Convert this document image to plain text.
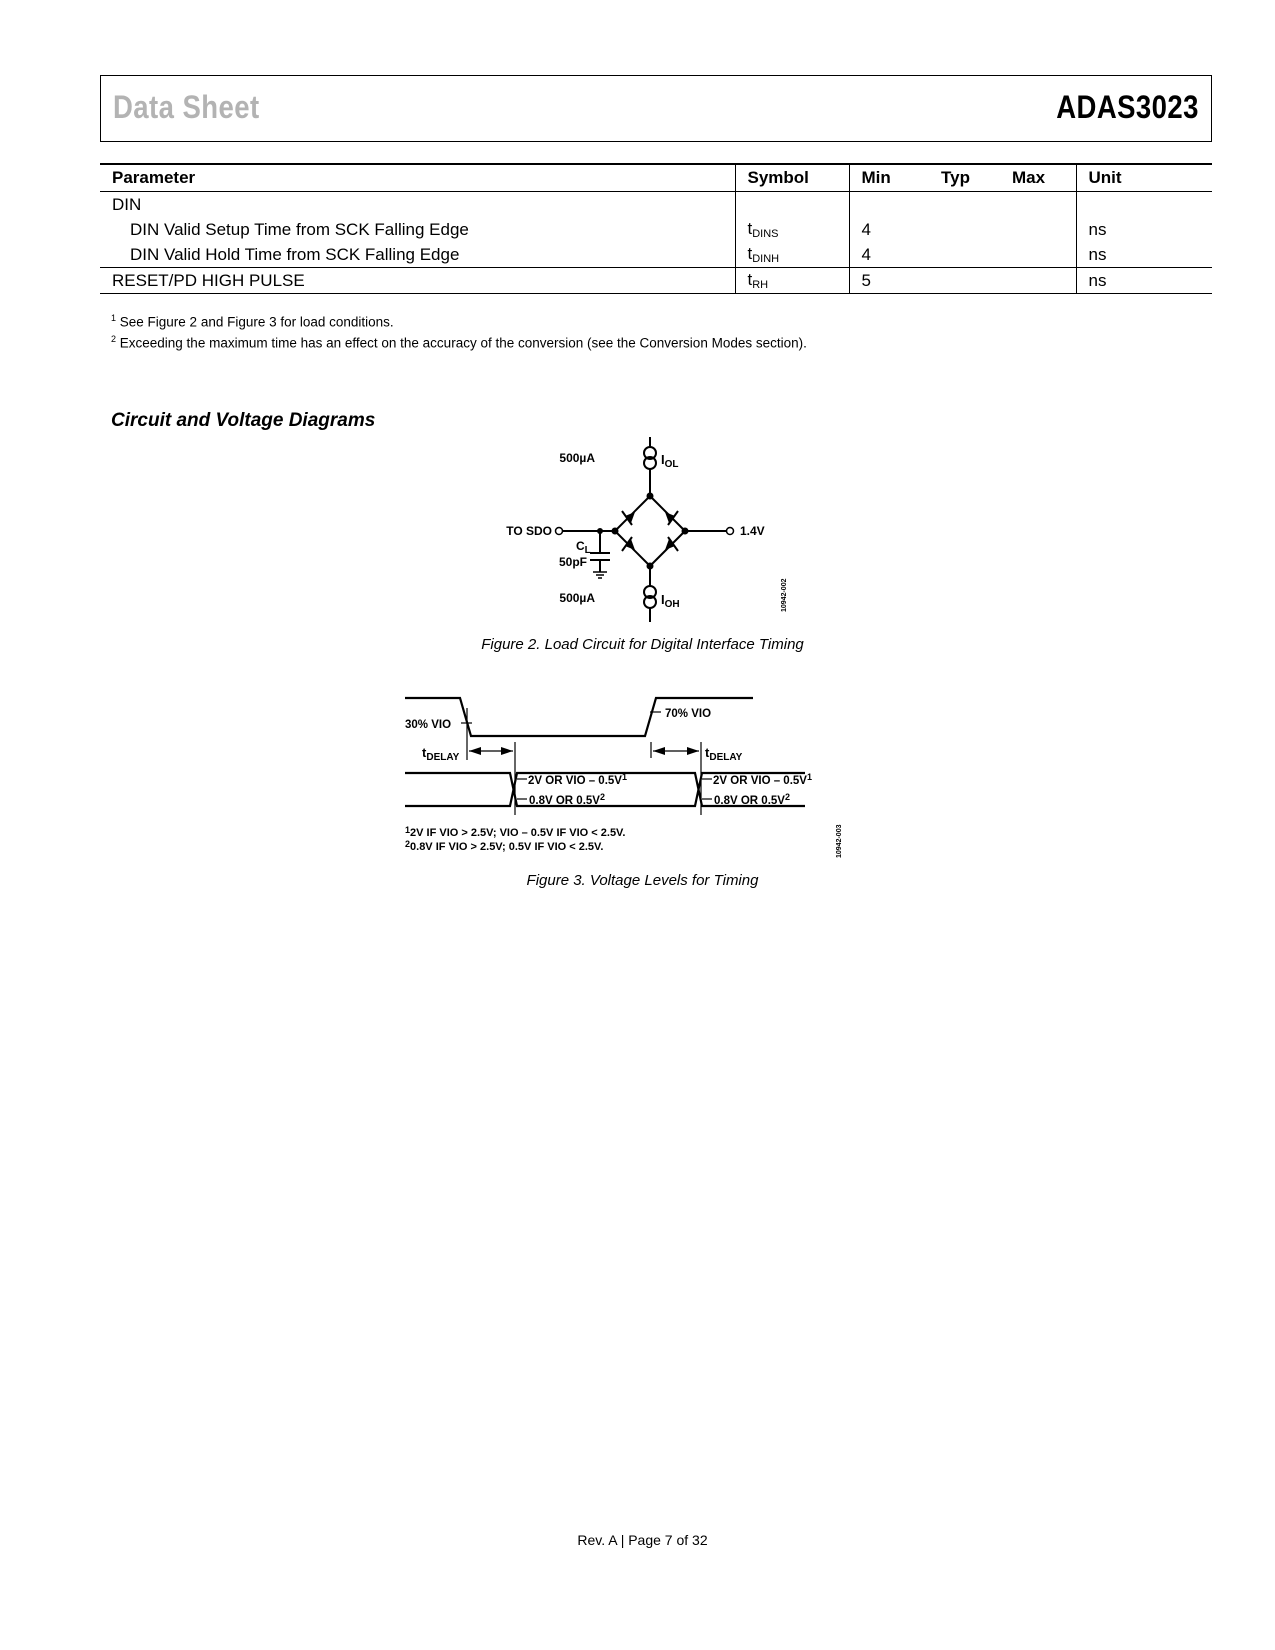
Data Sheet	ADAS3023
Parameter	Symbol	Min	Typ	Max	Unit
DIN					
DIN Valid Setup Time from SCK Falling Edge	$t_{DINS}$	4			ns
DIN Valid Hold Time from SCK Falling Edge	$t_{DINH}$	4			ns
RESET/PD HIGH PULSE	$t_{RH}$	5			ns
$^1$ See Figure 2 and Figure 3 for load conditions.
$^2$ Exceeding the maximum time has an effect on the accuracy of the conversion (see the Conversion Modes section).
Circuit and Voltage Diagrams
500µA	$I_{OL}$
TO SDO	1.4V
$C_L$
50pF
500µA	$I_{OH}$	10942-002
Figure 2. Load Circuit for Digital Interface Timing
30% VIO
70% VIO
$t_{DELAY}$	$t_{DELAY}$
2V OR VIO – $0.5V^1$
0.8V OR $0.5V^2$
2V OR VIO – $0.5V^1$
0.8V OR $0.5V^2$
$^1$2V IF VIO > 2.5V; VIO – 0.5V IF VIO < 2.5V.
$^2$0.8V IF VIO > 2.5V; 0.5V IF VIO < 2.5V.	10942-003
Figure 3. Voltage Levels for Timing
Rev. A | Page 7 of 32
